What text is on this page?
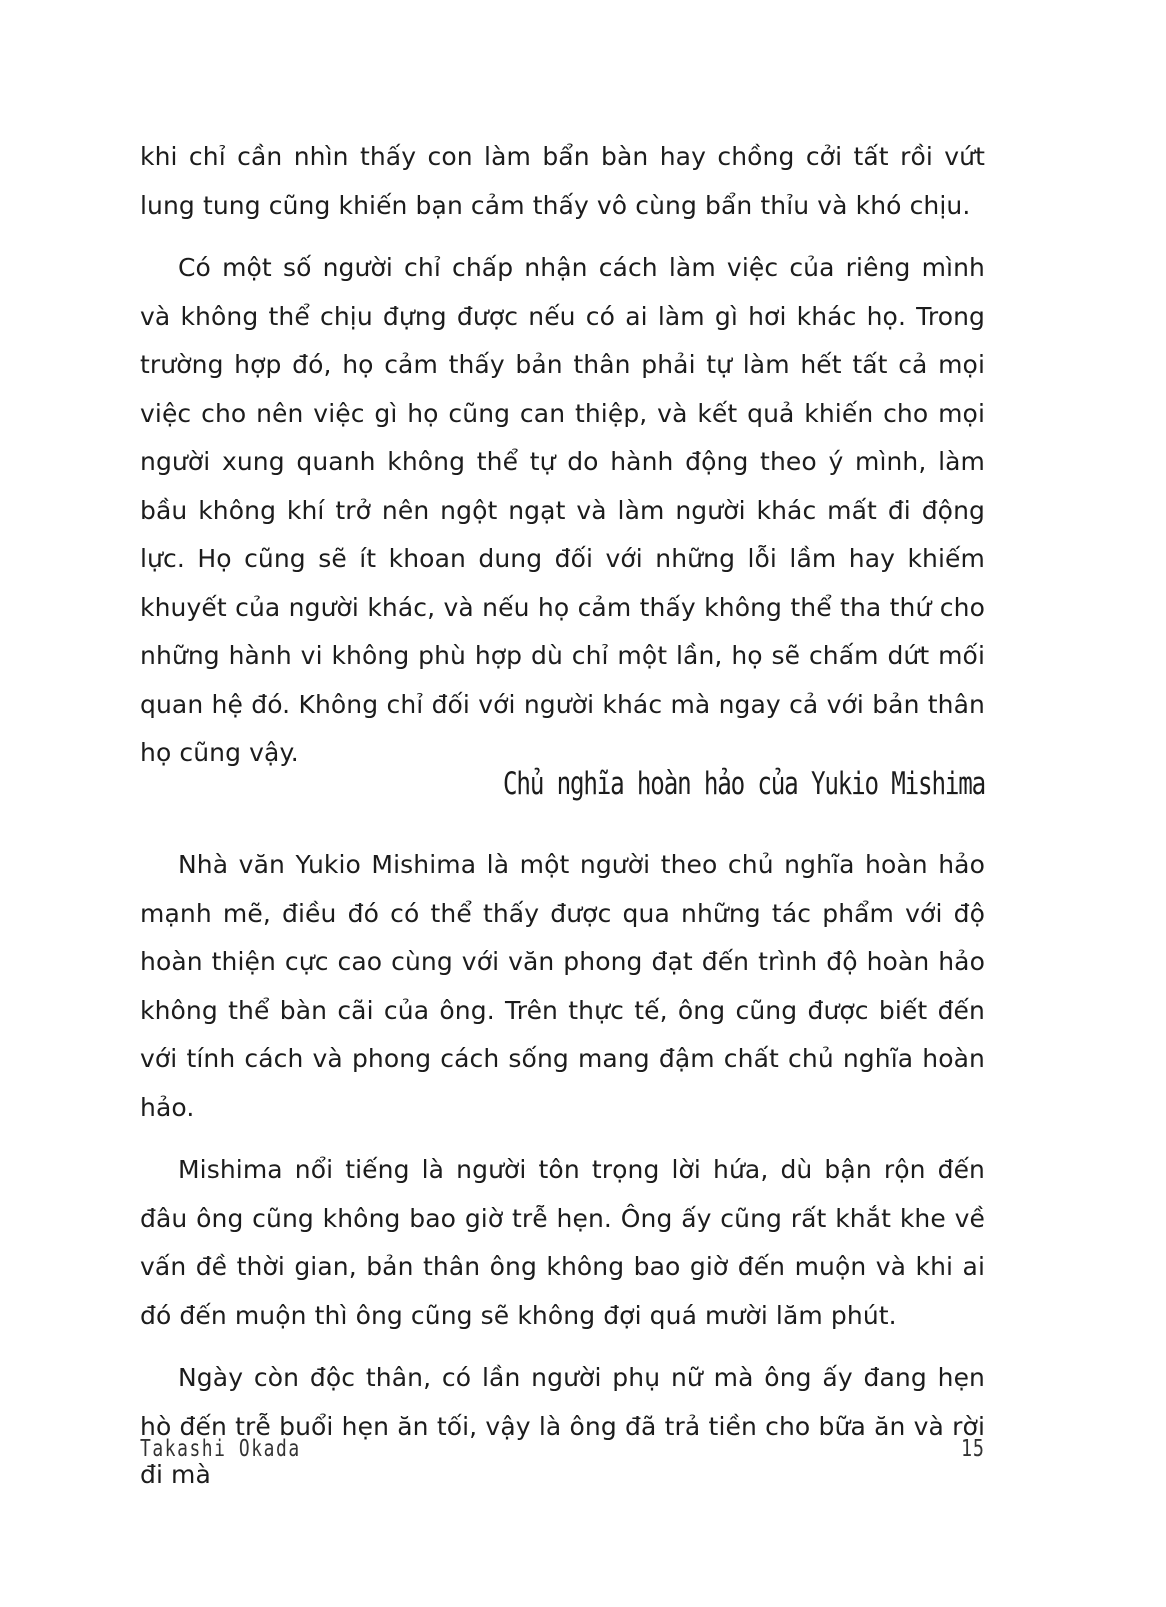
khi chỉ cần nhìn thấy con làm bẩn bàn hay chồng cởi tất rồi vứt lung tung cũng khiến bạn cảm thấy vô cùng bẩn thỉu và khó chịu.

Có một số người chỉ chấp nhận cách làm việc của riêng mình và không thể chịu đựng được nếu có ai làm gì hơi khác họ. Trong trường hợp đó, họ cảm thấy bản thân phải tự làm hết tất cả mọi việc cho nên việc gì họ cũng can thiệp, và kết quả khiến cho mọi người xung quanh không thể tự do hành động theo ý mình, làm bầu không khí trở nên ngột ngạt và làm người khác mất đi động lực. Họ cũng sẽ ít khoan dung đối với những lỗi lầm hay khiếm khuyết của người khác, và nếu họ cảm thấy không thể tha thứ cho những hành vi không phù hợp dù chỉ một lần, họ sẽ chấm dứt mối quan hệ đó. Không chỉ đối với người khác mà ngay cả với bản thân họ cũng vậy.

Chủ nghĩa hoàn hảo của Yukio Mishima

Nhà văn Yukio Mishima là một người theo chủ nghĩa hoàn hảo mạnh mẽ, điều đó có thể thấy được qua những tác phẩm với độ hoàn thiện cực cao cùng với văn phong đạt đến trình độ hoàn hảo không thể bàn cãi của ông. Trên thực tế, ông cũng được biết đến với tính cách và phong cách sống mang đậm chất chủ nghĩa hoàn hảo.

Mishima nổi tiếng là người tôn trọng lời hứa, dù bận rộn đến đâu ông cũng không bao giờ trễ hẹn. Ông ấy cũng rất khắt khe về vấn đề thời gian, bản thân ông không bao giờ đến muộn và khi ai đó đến muộn thì ông cũng sẽ không đợi quá mười lăm phút.

Ngày còn độc thân, có lần người phụ nữ mà ông ấy đang hẹn hò đến trễ buổi hẹn ăn tối, vậy là ông đã trả tiền cho bữa ăn và rời đi mà

Takashi Okada	15
